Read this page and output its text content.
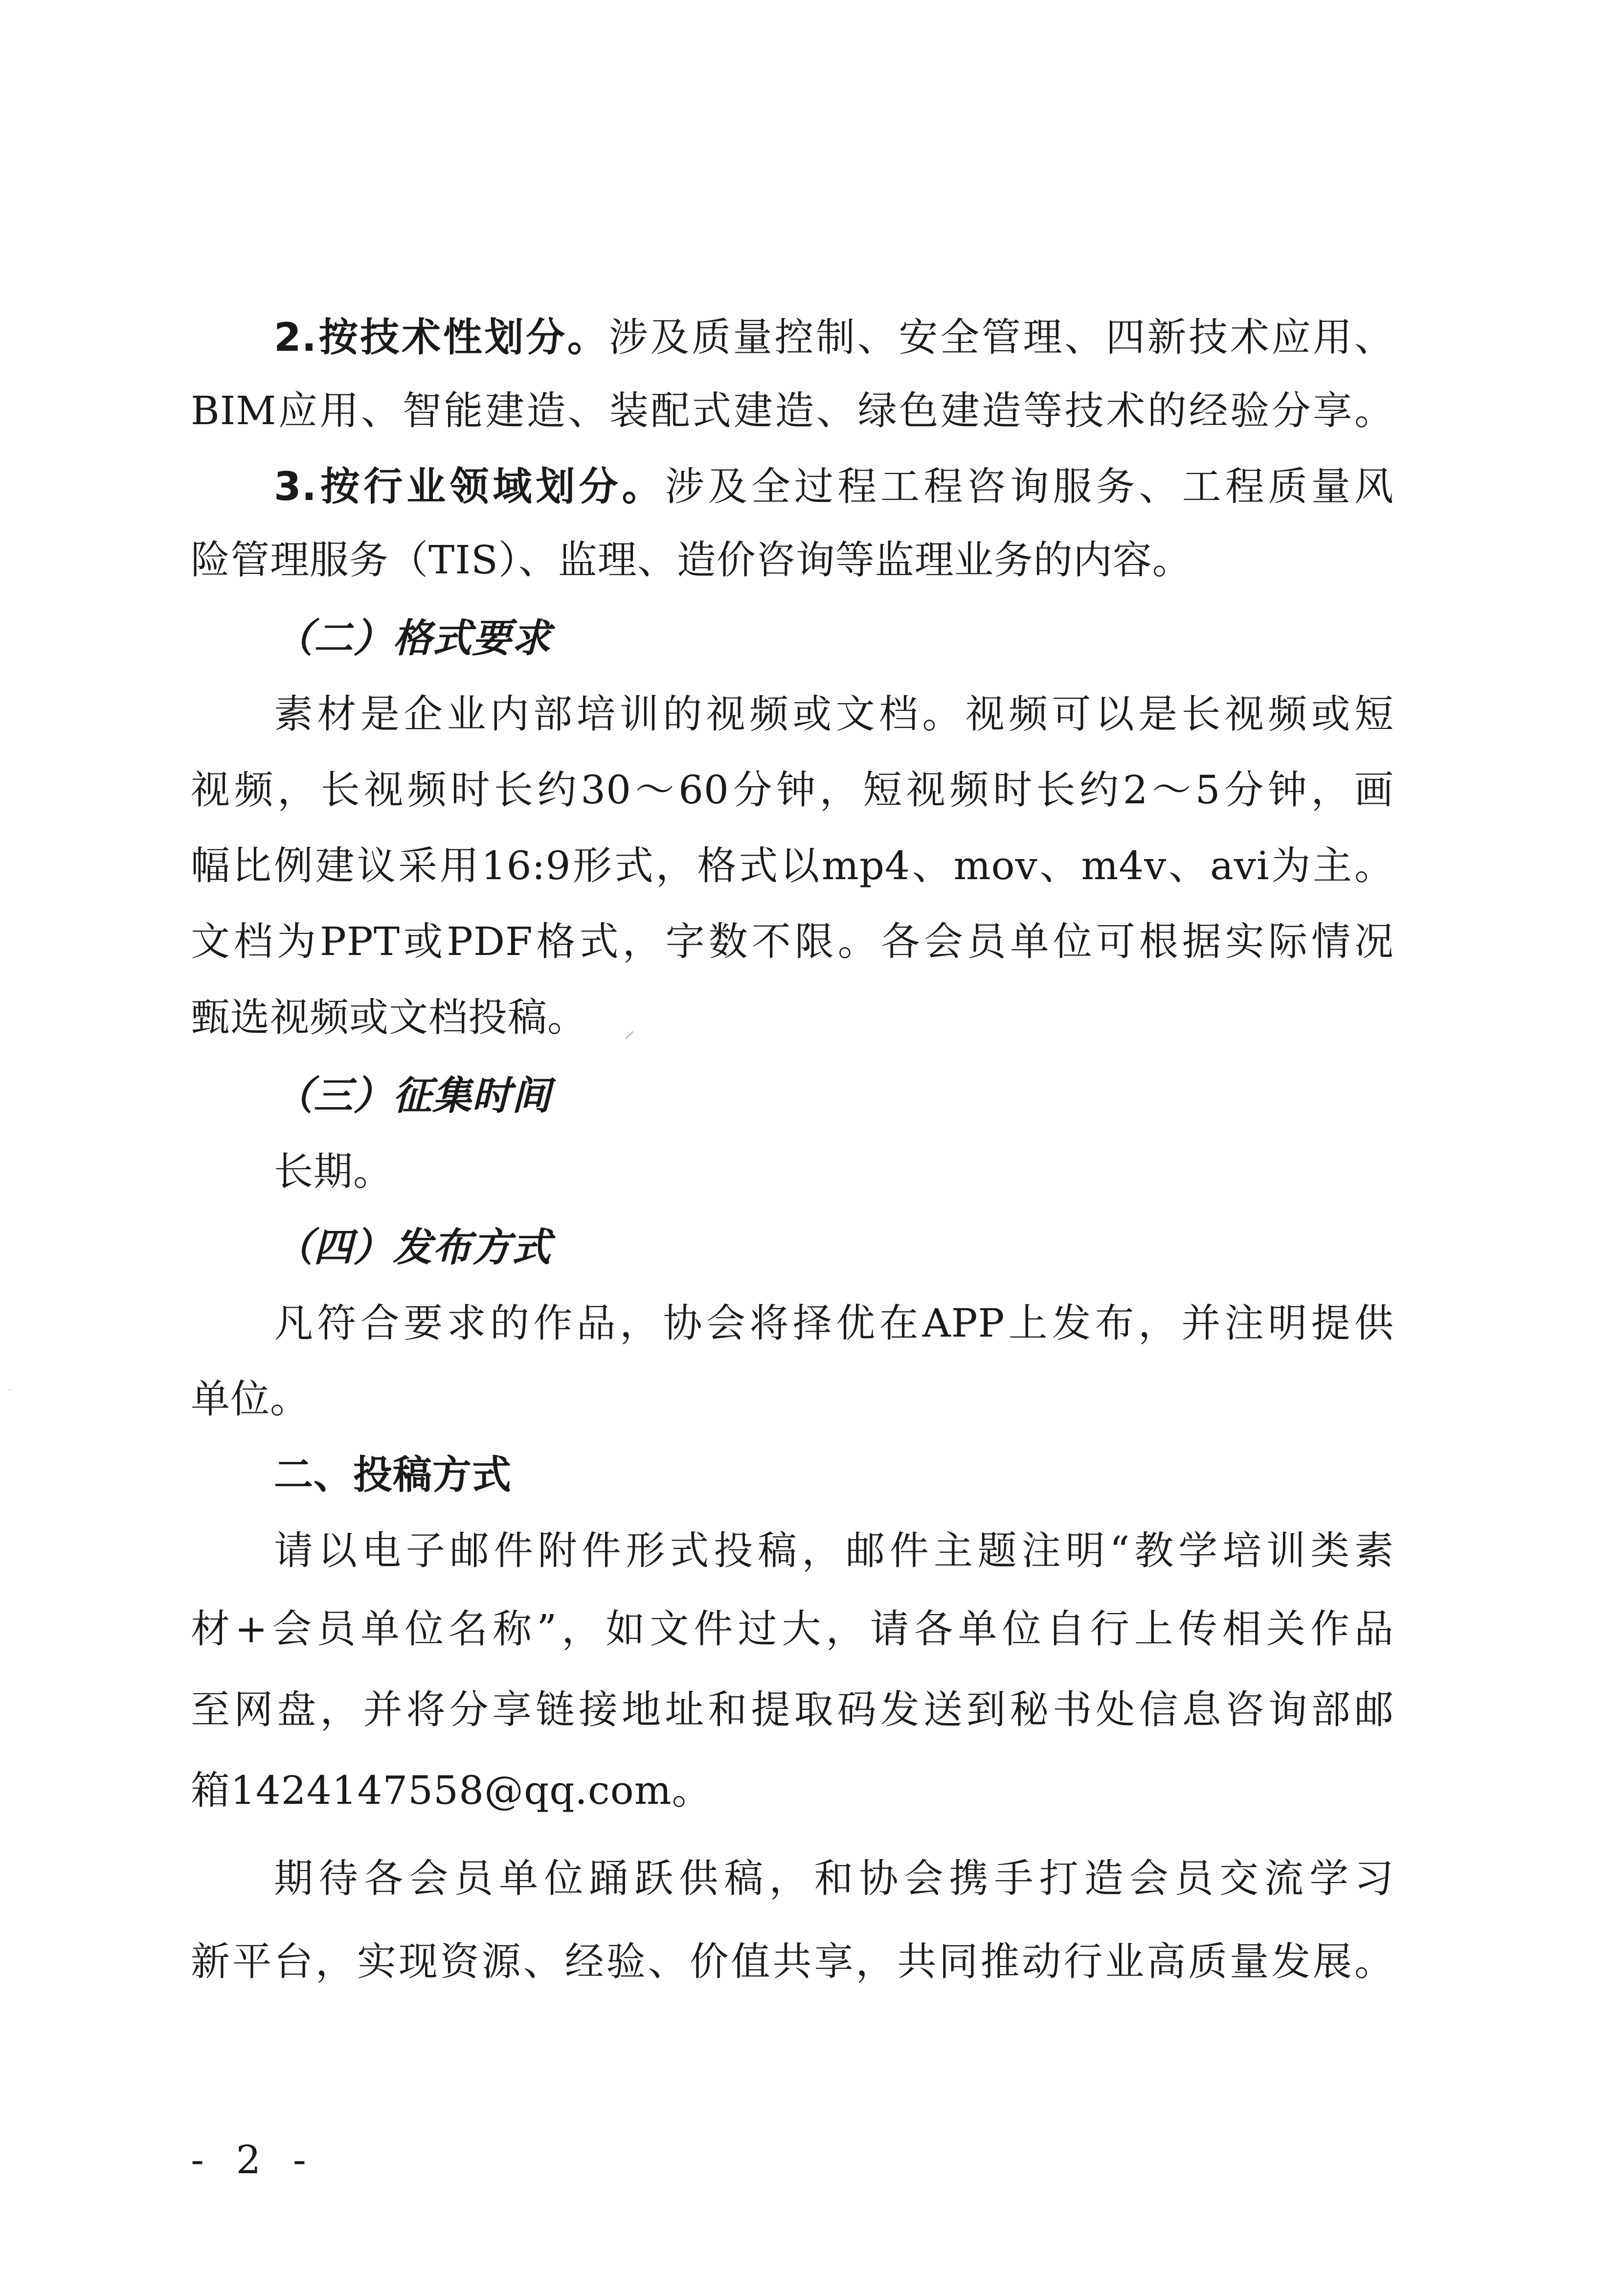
2.按技术性划分。涉及质量控制、安全管理、四新技术应用、
BIM应用、智能建造、装配式建造、绿色建造等技术的经验分享。
3.按行业领域划分。涉及全过程工程咨询服务、工程质量风
险管理服务（TIS）、监理、造价咨询等监理业务的内容。
（二）格式要求
素材是企业内部培训的视频或文档。视频可以是长视频或短
视频，长视频时长约30～60分钟，短视频时长约2～5分钟，画
幅比例建议采用16:9形式，格式以mp4、mov、m4v、avi为主。
文档为PPT或PDF格式，字数不限。各会员单位可根据实际情况
甄选视频或文档投稿。
（三）征集时间
长期。
（四）发布方式
凡符合要求的作品，协会将择优在APP上发布，并注明提供
单位。
二、投稿方式
请以电子邮件附件形式投稿，邮件主题注明“教学培训类素
材+会员单位名称”，如文件过大，请各单位自行上传相关作品
至网盘，并将分享链接地址和提取码发送到秘书处信息咨询部邮
箱1424147558@qq.com。
期待各会员单位踊跃供稿，和协会携手打造会员交流学习
新平台，实现资源、经验、价值共享，共同推动行业高质量发展。
- 2 -
